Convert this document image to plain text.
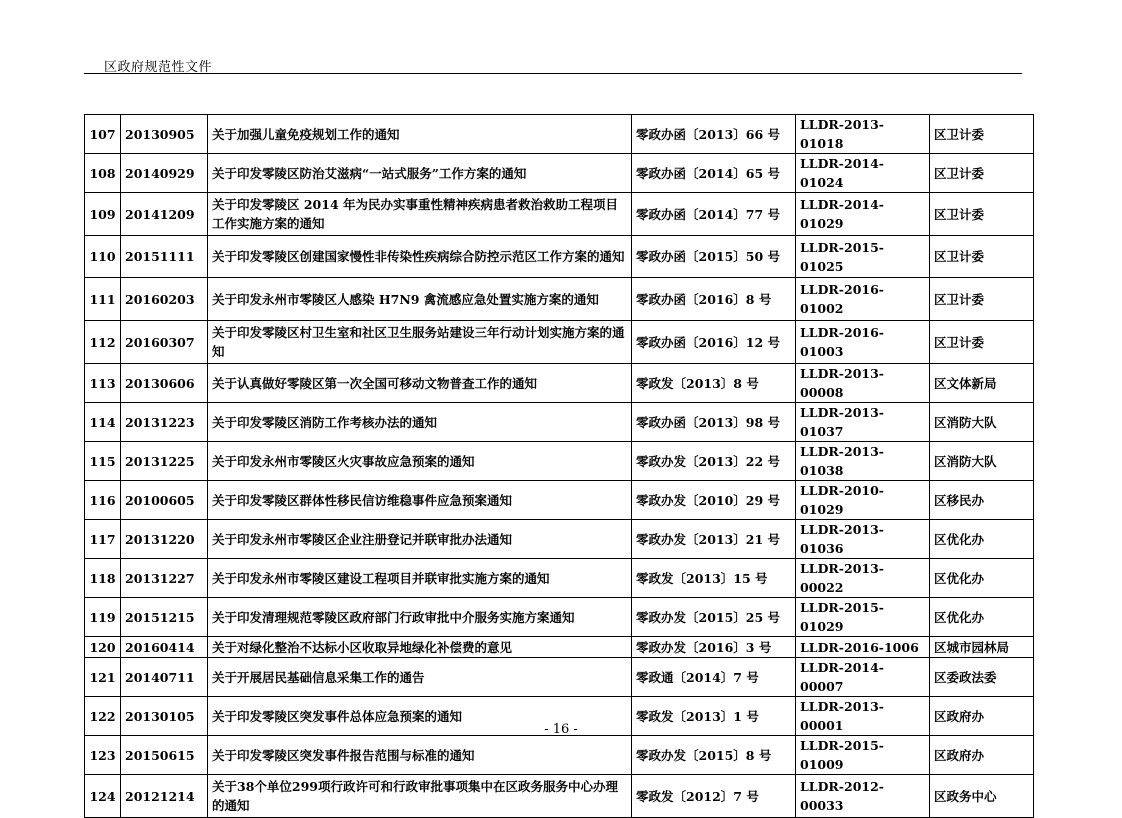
区政府规范性文件
107	20130905	关于加强儿童免疫规划工作的通知	零政办函〔2013〕66 号	LLDR-2013-01018	区卫计委
108	20140929	关于印发零陵区防治艾滋病“一站式服务”工作方案的通知	零政办函〔2014〕65 号	LLDR-2014-01024	区卫计委
109	20141209	关于印发零陵区 2014 年为民办实事重性精神疾病患者救治救助工程项目工作实施方案的通知	零政办函〔2014〕77 号	LLDR-2014-01029	区卫计委
110	20151111	关于印发零陵区创建国家慢性非传染性疾病综合防控示范区工作方案的通知	零政办函〔2015〕50 号	LLDR-2015-01025	区卫计委
111	20160203	关于印发永州市零陵区人感染 H7N9 禽流感应急处置实施方案的通知	零政办函〔2016〕8 号	LLDR-2016-01002	区卫计委
112	20160307	关于印发零陵区村卫生室和社区卫生服务站建设三年行动计划实施方案的通知	零政办函〔2016〕12 号	LLDR-2016-01003	区卫计委
113	20130606	关于认真做好零陵区第一次全国可移动文物普查工作的通知	零政发〔2013〕8 号	LLDR-2013-00008	区文体新局
114	20131223	关于印发零陵区消防工作考核办法的通知	零政办函〔2013〕98 号	LLDR-2013-01037	区消防大队
115	20131225	关于印发永州市零陵区火灾事故应急预案的通知	零政办发〔2013〕22 号	LLDR-2013-01038	区消防大队
116	20100605	关于印发零陵区群体性移民信访维稳事件应急预案通知	零政办发〔2010〕29 号	LLDR-2010-01029	区移民办
117	20131220	关于印发永州市零陵区企业注册登记并联审批办法通知	零政办发〔2013〕21 号	LLDR-2013-01036	区优化办
118	20131227	关于印发永州市零陵区建设工程项目并联审批实施方案的通知	零政发〔2013〕15 号	LLDR-2013-00022	区优化办
119	20151215	关于印发清理规范零陵区政府部门行政审批中介服务实施方案通知	零政办发〔2015〕25 号	LLDR-2015-01029	区优化办
120	20160414	关于对绿化整治不达标小区收取异地绿化补偿费的意见	零政办发〔2016〕3 号	LLDR-2016-1006	区城市园林局
121	20140711	关于开展居民基础信息采集工作的通告	零政通〔2014〕7 号	LLDR-2014-00007	区委政法委
122	20130105	关于印发零陵区突发事件总体应急预案的通知	零政发〔2013〕1 号	LLDR-2013-00001	区政府办
123	20150615	关于印发零陵区突发事件报告范围与标准的通知	零政办发〔2015〕8 号	LLDR-2015-01009	区政府办
124	20121214	关于38个单位299项行政许可和行政审批事项集中在区政务服务中心办理的通知	零政发〔2012〕7 号	LLDR-2012-00033	区政务中心
- 16 -
